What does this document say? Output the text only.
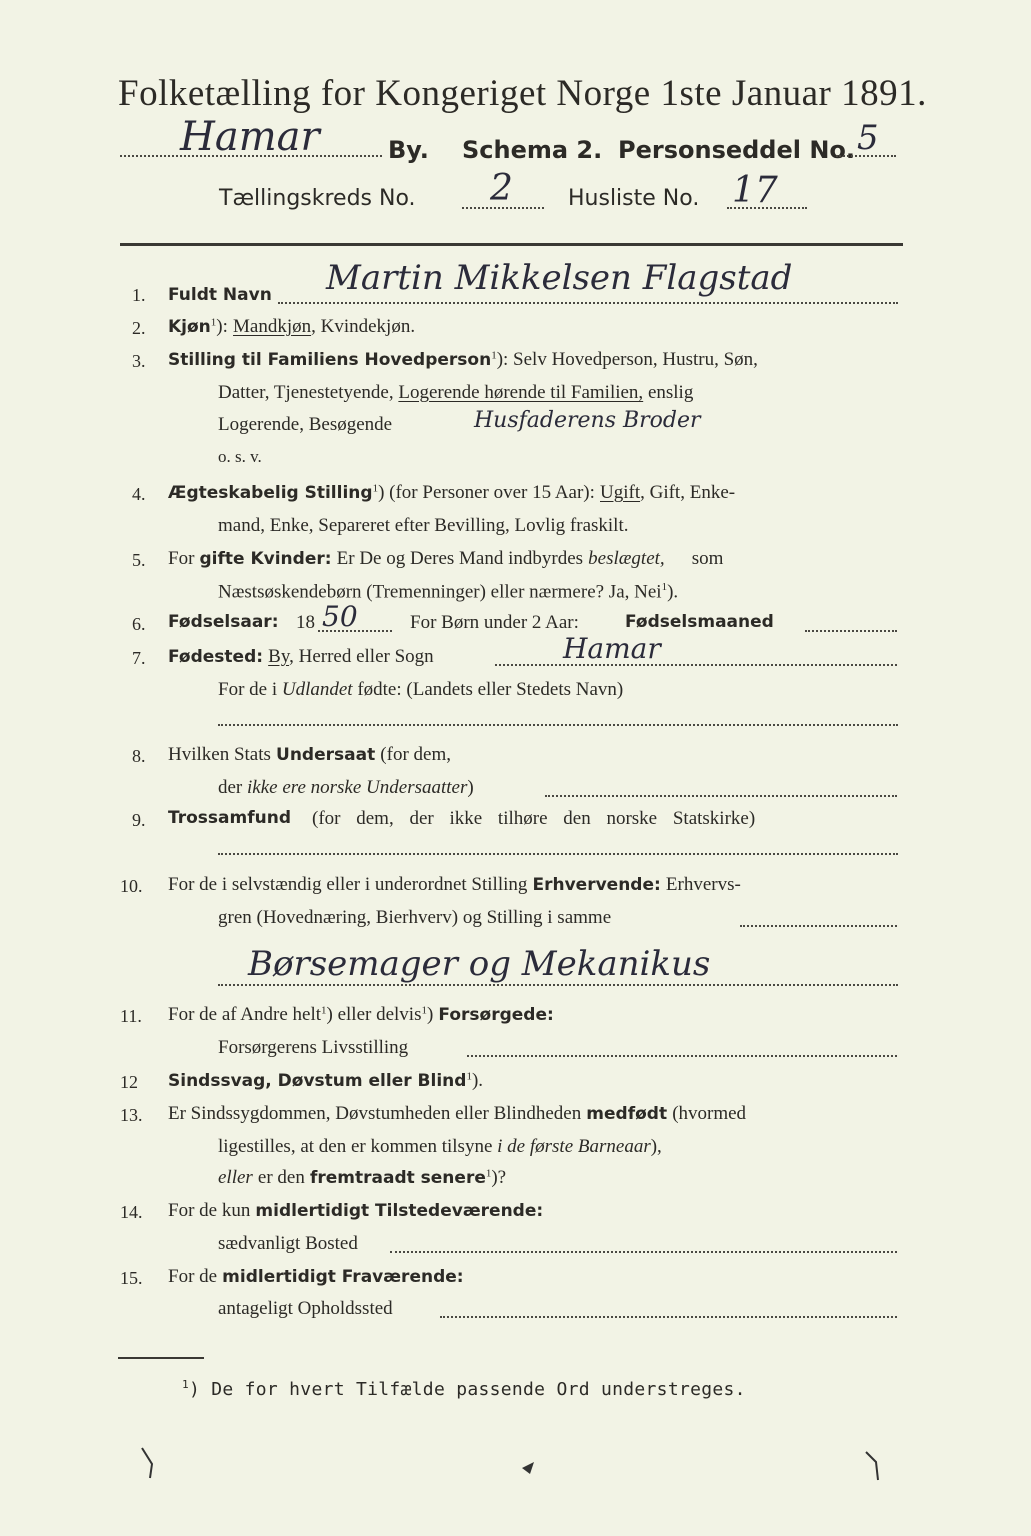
Folketælling for Kongeriget Norge 1ste Januar 1891.
Hamar	By. Schema 2. Personseddel No. 5
Tællingskreds No. 2	Husliste No. 17
1. Fuldt Navn Martin Mikkelsen Flagstad
2. Kjøn$^1$): Mandkjøn, Kvindekjøn.
3. Stilling til Familiens Hovedperson$^1$): Selv Hovedperson, Hustru, Søn,
Datter, Tjenestetyende, Logerende hørende til Familien, enslig
Logerende, Besøgende	Husfaderens Broder
o. s. v.
4. Ægteskabelig Stilling$^1$) (for Personer over 15 Aar): Ugift, Gift, Enke-
mand, Enke, Separeret efter Bevilling, Lovlig fraskilt.
5. For gifte Kvinder: Er De og Deres Mand indbyrdes beslægtet, som
Næstsøskendebørn (Tremenninger) eller nærmere? Ja, Nei$^1$).
6. Fødselsaar: 18 50	For Børn under 2 Aar:	Fødselsmaaned
7. Fødested: By, Herred eller Sogn	Hamar
For de i Udlandet fødte: (Landets eller Stedets Navn)
8. Hvilken Stats Undersaat (for dem,
der ikke ere norske Undersaatter)
9. Trossamfund (for dem, der ikke tilhøre den norske Statskirke)
10. For de i selvstændig eller i underordnet Stilling Erhvervende: Erhvervs-
gren (Hovednæring, Bierhverv) og Stilling i samme
Børsemager og Mekanikus
11. For de af Andre helt$^1$) eller delvis$^1$) Forsørgede:
Forsørgerens Livsstilling
12 Sindssvag, Døvstum eller Blind$^1$).
13. Er Sindssygdommen, Døvstumheden eller Blindheden medfødt (hvormed
ligestilles, at den er kommen tilsyne i de første Barneaar),
eller er den fremtraadt senere$^1$)?
14. For de kun midlertidigt Tilstedeværende:
sædvanligt Bosted
15. For de midlertidigt Fraværende:
antageligt Opholdssted
$^1$) De for hvert Tilfælde passende Ord understreges.
